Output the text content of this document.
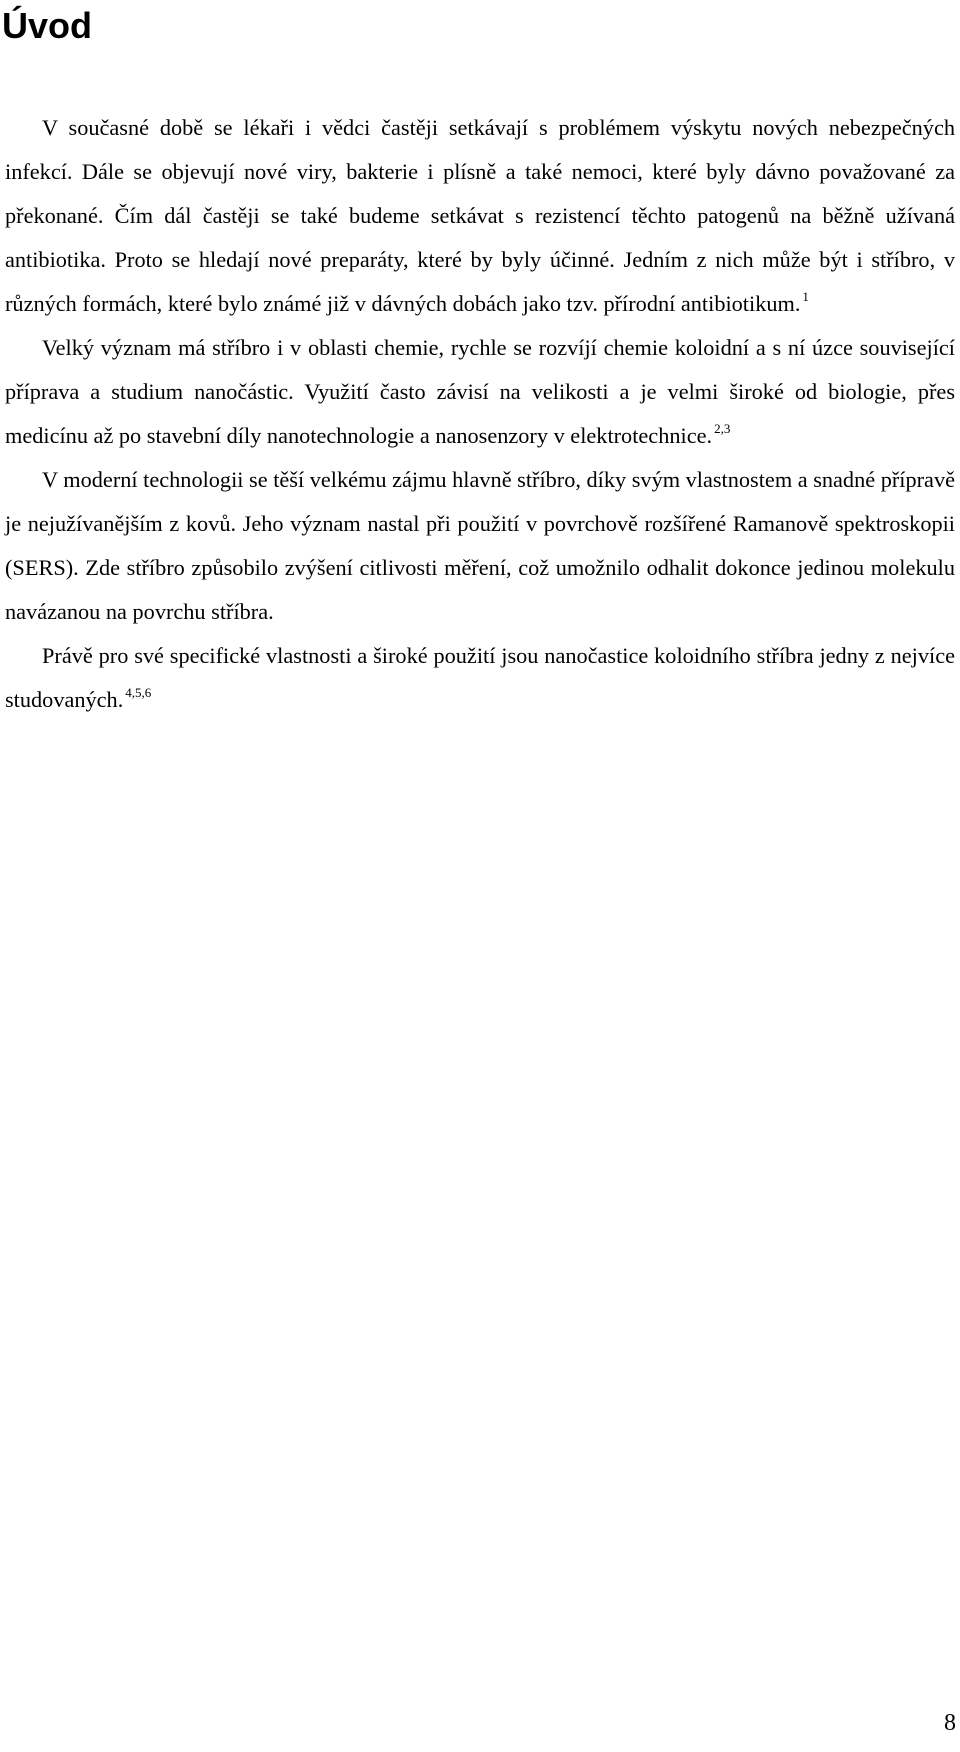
Úvod

V současné době se lékaři i vědci častěji setkávají s problémem výskytu nových nebezpečných infekcí. Dále se objevují nové viry, bakterie i plísně a také nemoci, které byly dávno považované za překonané. Čím dál častěji se také budeme setkávat s rezistencí těchto patogenů na běžně užívaná antibiotika. Proto se hledají nové preparáty, které by byly účinné. Jedním z nich může být i stříbro, v různých formách, které bylo známé již v dávných dobách jako tzv. přírodní antibiotikum. $^1$

Velký význam má stříbro i v oblasti chemie, rychle se rozvíjí chemie koloidní a s ní úzce související příprava a studium nanočástic. Využití často závisí na velikosti a je velmi široké od biologie, přes medicínu až po stavební díly nanotechnologie a nanosenzory v elektrotechnice. $^{2,3}$

V moderní technologii se těší velkému zájmu hlavně stříbro, díky svým vlastnostem a snadné přípravě je nejužívanějším z kovů. Jeho význam nastal při použití v povrchově rozšířené Ramanově spektroskopii (SERS). Zde stříbro způsobilo zvýšení citlivosti měření, což umožnilo odhalit dokonce jedinou molekulu navázanou na povrchu stříbra.

Právě pro své specifické vlastnosti a široké použití jsou nanočastice koloidního stříbra jedny z nejvíce studovaných. $^{4,5,6}$

8
